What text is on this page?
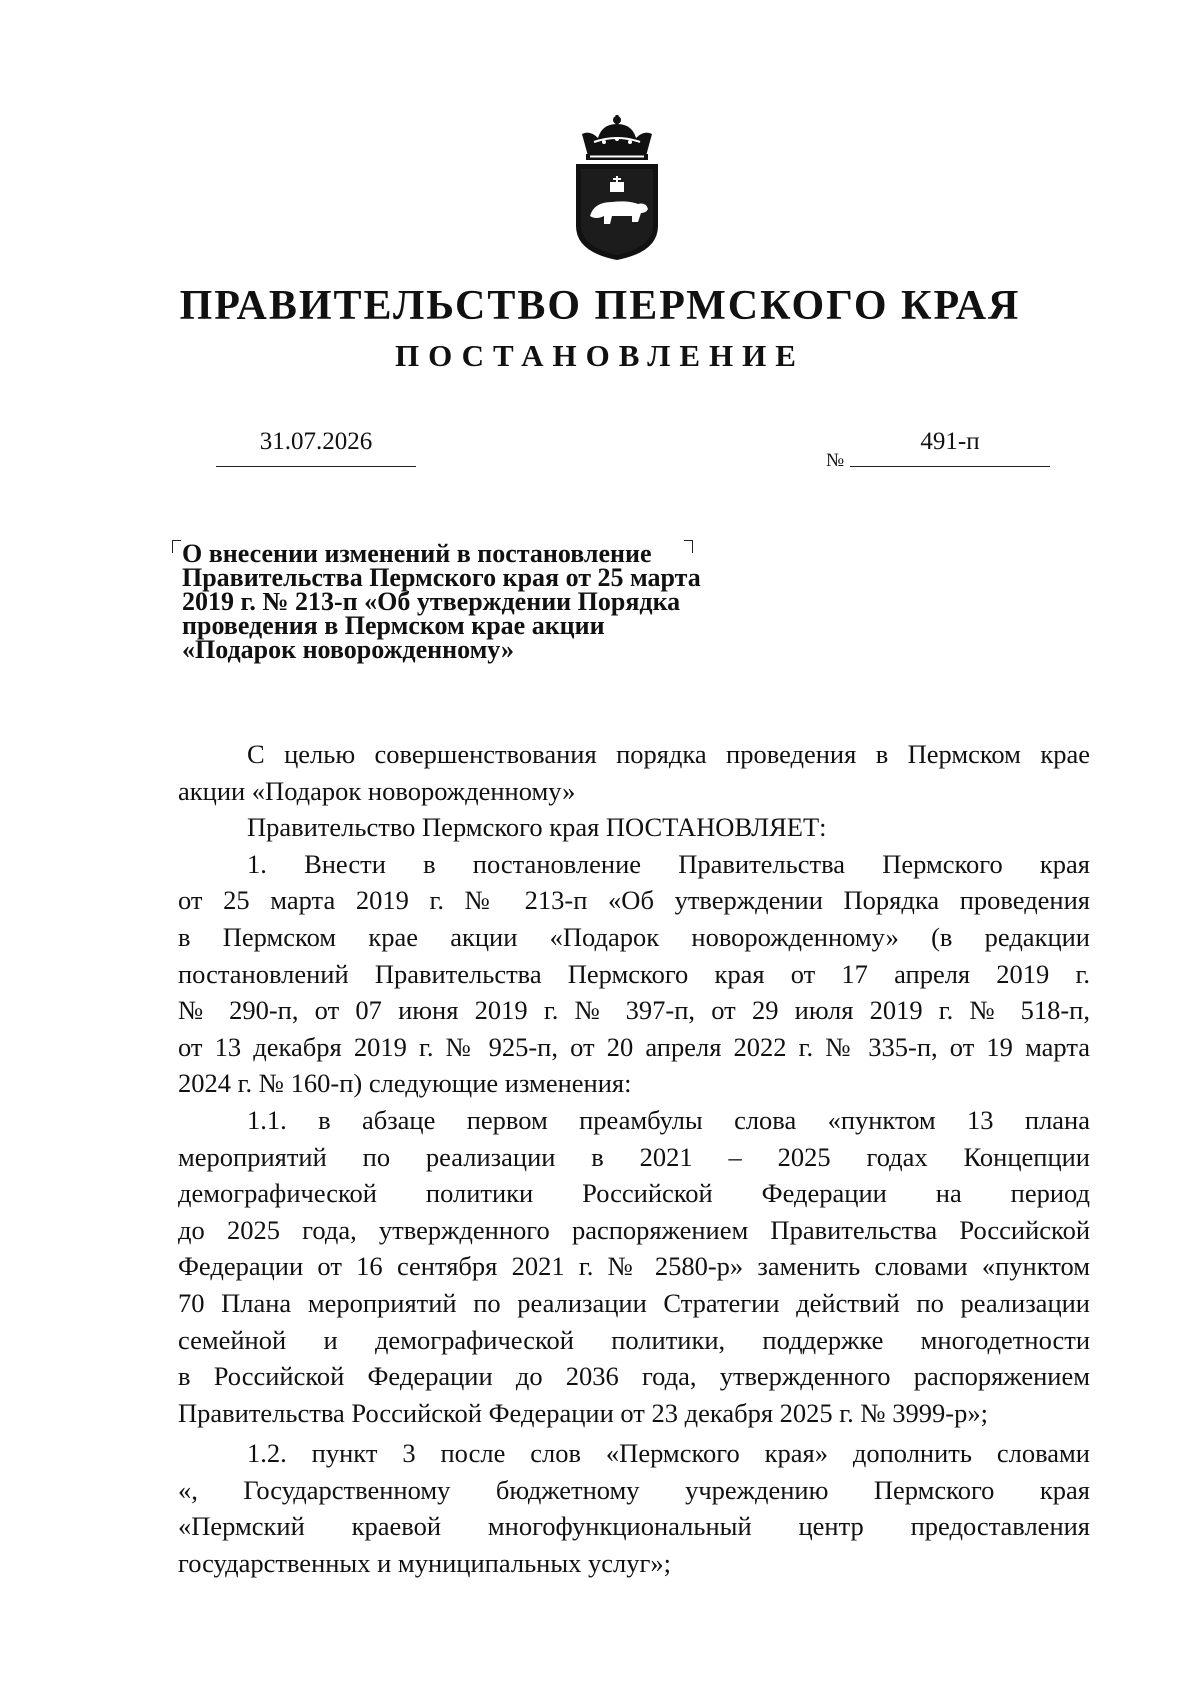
ПРАВИТЕЛЬСТВО ПЕРМСКОГО КРАЯ
ПОСТАНОВЛЕНИЕ
31.07.2026
№
491-п
О внесении изменений в постановление
Правительства Пермского края от 25 марта
2019 г. № 213-п «Об утверждении Порядка
проведения в Пермском крае акции
«Подарок новорожденному»
С целью совершенствования порядка проведения в Пермском крае
акции «Подарок новорожденному»
Правительство Пермского края ПОСТАНОВЛЯЕТ:
1. Внести в постановление Правительства Пермского края
от 25 марта 2019 г. № 213-п «Об утверждении Порядка проведения
в Пермском крае акции «Подарок новорожденному» (в редакции
постановлений Правительства Пермского края от 17 апреля 2019 г.
№ 290-п, от 07 июня 2019 г. № 397-п, от 29 июля 2019 г. № 518-п,
от 13 декабря 2019 г. № 925-п, от 20 апреля 2022 г. № 335-п, от 19 марта
2024 г. № 160-п) следующие изменения:
1.1. в абзаце первом преамбулы слова «пунктом 13 плана
мероприятий по реализации в 2021 – 2025 годах Концепции
демографической политики Российской Федерации на период
до 2025 года, утвержденного распоряжением Правительства Российской
Федерации от 16 сентября 2021 г. № 2580-р» заменить словами «пунктом
70 Плана мероприятий по реализации Стратегии действий по реализации
семейной и демографической политики, поддержке многодетности
в Российской Федерации до 2036 года, утвержденного распоряжением
Правительства Российской Федерации от 23 декабря 2025 г. № 3999-р»;
1.2. пункт 3 после слов «Пермского края» дополнить словами
«, Государственному бюджетному учреждению Пермского края
«Пермский краевой многофункциональный центр предоставления
государственных и муниципальных услуг»;
